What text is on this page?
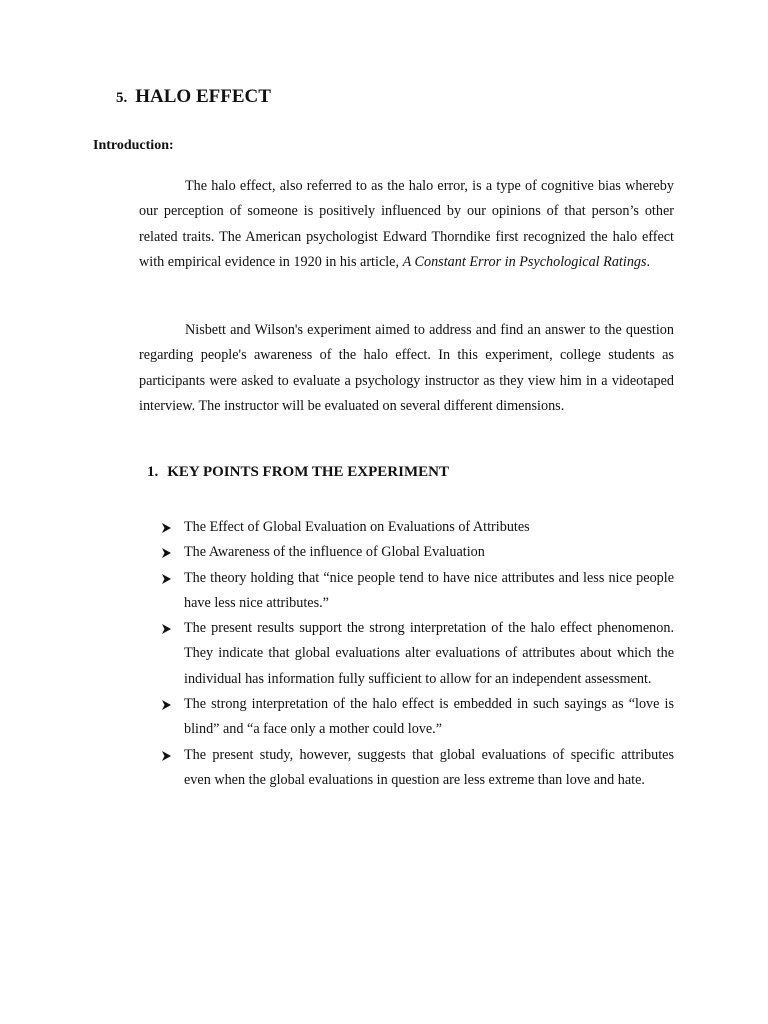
5. HALO EFFECT
Introduction:

The halo effect, also referred to as the halo error, is a type of cognitive bias whereby our perception of someone is positively influenced by our opinions of that person’s other related traits. The American psychologist Edward Thorndike first recognized the halo effect with empirical evidence in 1920 in his article, A Constant Error in Psychological Ratings.

Nisbett and Wilson's experiment aimed to address and find an answer to the question regarding people's awareness of the halo effect. In this experiment, college students as participants were asked to evaluate a psychology instructor as they view him in a videotaped interview. The instructor will be evaluated on several different dimensions.

1. KEY POINTS FROM THE EXPERIMENT
The Effect of Global Evaluation on Evaluations of Attributes
The Awareness of the influence of Global Evaluation
The theory holding that “nice people tend to have nice attributes and less nice people have less nice attributes.”
The present results support the strong interpretation of the halo effect phenomenon. They indicate that global evaluations alter evaluations of attributes about which the individual has information fully sufficient to allow for an independent assessment.
The strong interpretation of the halo effect is embedded in such sayings as “love is blind” and “a face only a mother could love.”
The present study, however, suggests that global evaluations of specific attributes even when the global evaluations in question are less extreme than love and hate.
